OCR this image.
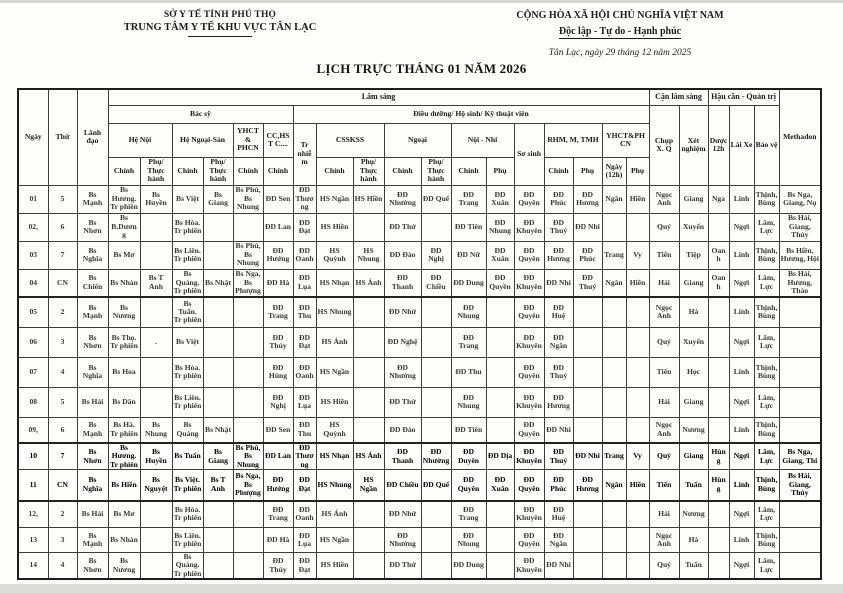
SỞ Y TẾ TỈNH PHÚ THỌ
TRUNG TÂM Y TẾ KHU VỰC TÂN LẠC
CỘNG HÒA XÃ HỘI CHỦ NGHĨA VIỆT NAM
Độc lập - Tự do - Hạnh phúc
Tân Lạc, ngày 29 tháng 12 năm 2025
LỊCH TRỰC THÁNG 01 NĂM 2026
Ngày	Thứ	Lãnh đạo	Lâm sàng																		Cận lâm sàng		Hậu cần - Quản trị			Methadon
			Bác sỹ						Điều dưỡng/ Hộ sinh/ Kỹ thuật viên												Chụp X. Q	Xét nghiệm	Dược 12h	Lái Xe	Bảo vệ	
			Hệ Nội		Hệ Ngoại-Sản		YHCT& PHCN	CC,HST C....	Tr nhiễm	CSSKSS		Ngoại		Nội - Nhi		Sơ sinh	RHM, M, TMH		YHCT&PHCN							
			Chính	Phụ/ Thực hành	Chính	Phụ/ Thực hành	Chính	Chính		Chính	Phụ/ Thực hành	Chính	Phụ/ Thực hành	Chính	Phụ		Chính	Phụ	Ngày (12h)	Phụ						
01	5	Bs Mạnh	Bs Hương. Tr phiên	Bs Huyền	Bs Việt	Bs Giang	Bs Phú, Bs Nhung	ĐD Sen	ĐD Thương	HS Ngần	HS Hiền	ĐD Nhường	ĐD Quế	ĐD Trang	ĐD Xuân	ĐD Quyên	ĐD Phúc	ĐD Hương	Ngân	Hiền	Ngọc Anh	Giang	Nga	Linh	Thịnh, Bùng	Bs Nga, Giang, Nụ
02,	6	Bs Nhơn	Bs B.Dương		Bs Hòa. Tr phiên			ĐD Lan	ĐD Đạt	HS Hiền		ĐD Thứ		ĐD Tiên	ĐD Nhung	ĐD Khuyên	ĐD Thuý	ĐD Nhi			Quý	Xuyến		Ngợi	Lâm, Lực	Bs Hải, Giang, Thủy
03	7	Bs Nghĩa	Bs Mơ		Bs Liên. Tr phiên		Bs Phú, Bs Nhung	ĐD Hưởng	ĐD Oanh	HS Quỳnh	HS Nhung	ĐD Đào	ĐD Nghị	ĐD Nữ	ĐD Xuân	ĐD Quyên	ĐD Hương	ĐD Phúc	Trang	Vy	Tiến	Tiệp	Oanh	Linh	Thịnh, Bùng	Bs Hiền, Hương, Hội
04	CN	Bs Chiến	Bs Nhàn	Bs T Anh	Bs Quảng. Tr phiên	Bs Nhật	Bs Nga, Bs Phượng	ĐD Hà	ĐD Lụa	HS Nhạn	HS Ánh	ĐD Thanh	ĐD Chiều	ĐD Dung	ĐD Quyền	ĐD Khuyên	ĐD Nhi	ĐD Thuý	Ngân	Hiền	Hải	Giang	Oanh	Ngợi	Lâm, Lực	Bs Hải, Hương, Thảo
05	2	Bs Mạnh	Bs Nương		Bs Tuấn. Tr phiên			ĐD Trang	ĐD Thu	HS Nhung		ĐD Nhứ		ĐD Nhung		ĐD Quyên	ĐD Huệ				Ngọc Anh	Hà		Linh	Thịnh, Bùng	
06	3	Bs Nhơn	Bs Thọ. Tr phiên	.	Bs Việt			ĐD Thủy	ĐD Đạt	HS Ánh		ĐD Nghệ		ĐD Trang		ĐD Khuyên	ĐD Ngân				Quý	Xuyến		Ngợi	Lâm, Lực	
07	4	Bs Nghĩa	Bs Hoa		Bs Hòa. Tr phiên			ĐD Hùng	ĐD Oanh	HS Ngần		ĐD Nhường		ĐD Thu		ĐD Quyên	ĐD Thuỷ				Tiến	Học		Linh	Thịnh, Bùng	
08	5	Bs Hải	Bs Dân		Bs Liên. Tr phiên			ĐD Nghị	ĐD Lụa	HS Hiền		ĐD Thứ		ĐD Nhung		ĐD Khuyên	ĐD Hương				Hải	Giang		Ngợi	Lâm, Lực	
09,	6	Bs Mạnh	Bs Hà. Tr phiên	Bs Nhung	Bs Quảng	Bs Nhật		ĐD Sen	ĐD Thu	HS Quỳnh		ĐD Đào		ĐD Tiên		ĐD Quyên	ĐD Nhi				Ngọc Anh	Nương		Linh	Thịnh, Bùng	
10	7	Bs Nhơn	Bs Hương. Tr phiên	Bs Huyền	Bs Tuấn	Bs Giang	Bs Phú, Bs Nhung	ĐD Lan	ĐD Thương	HS Nhạn	HS Ánh	ĐD Thanh	ĐD Nhường	ĐD Duyên	ĐD Dịa	ĐD Khuyên	ĐD Thuý	ĐD Nhi	Trang	Vy	Quý	Giang	Hùng	Ngợi	Lâm, Lực	Bs Nga, Giang, Thi
11	CN	Bs Nghĩa	Bs Hiền	Bs Nguyệt	Bs Việt. Tr phiên	Bs T Anh	Bs Nga, Bs Phượng	ĐD Hưởng	ĐD Đạt	HS Nhung	HS Ngần	ĐD Chiều	ĐD Quế	ĐD Quyên	ĐD Xuân	ĐD Quyên	ĐD Phúc	ĐD Hương	Ngân	Hiền	Tiến	Tuấn	Hùng	Linh	Thịnh, Bùng	Bs Hải, Giang, Thủy
12,	2	Bs Hải	Bs Mơ		Bs Hòa. Tr phiên			ĐD Trang	ĐD Oanh	HS Ánh		ĐD Nhứ		ĐD Trang		ĐD Khuyên	ĐD Huệ				Hải	Nương		Ngợi	Lâm, Lực	
13	3	Bs Mạnh	Bs Nhàn		Bs Liên. Tr phiên			ĐD Hà	ĐD Lụa	HS Ngần		ĐD Nhường		ĐD Nhung		ĐD Quyên	ĐD Ngân				Ngọc Anh	Hà		Linh	Thịnh, Bùng	
14	4	Bs Nhơn	Bs Nương		Bs Quảng. Tr phiên			ĐD Thủy	ĐD Đạt	HS Hiền		ĐD Thứ		ĐD Dung		ĐD Khuyên	ĐD Nhi				Quý	Tuấn		Ngợi	Lâm, Lực	
